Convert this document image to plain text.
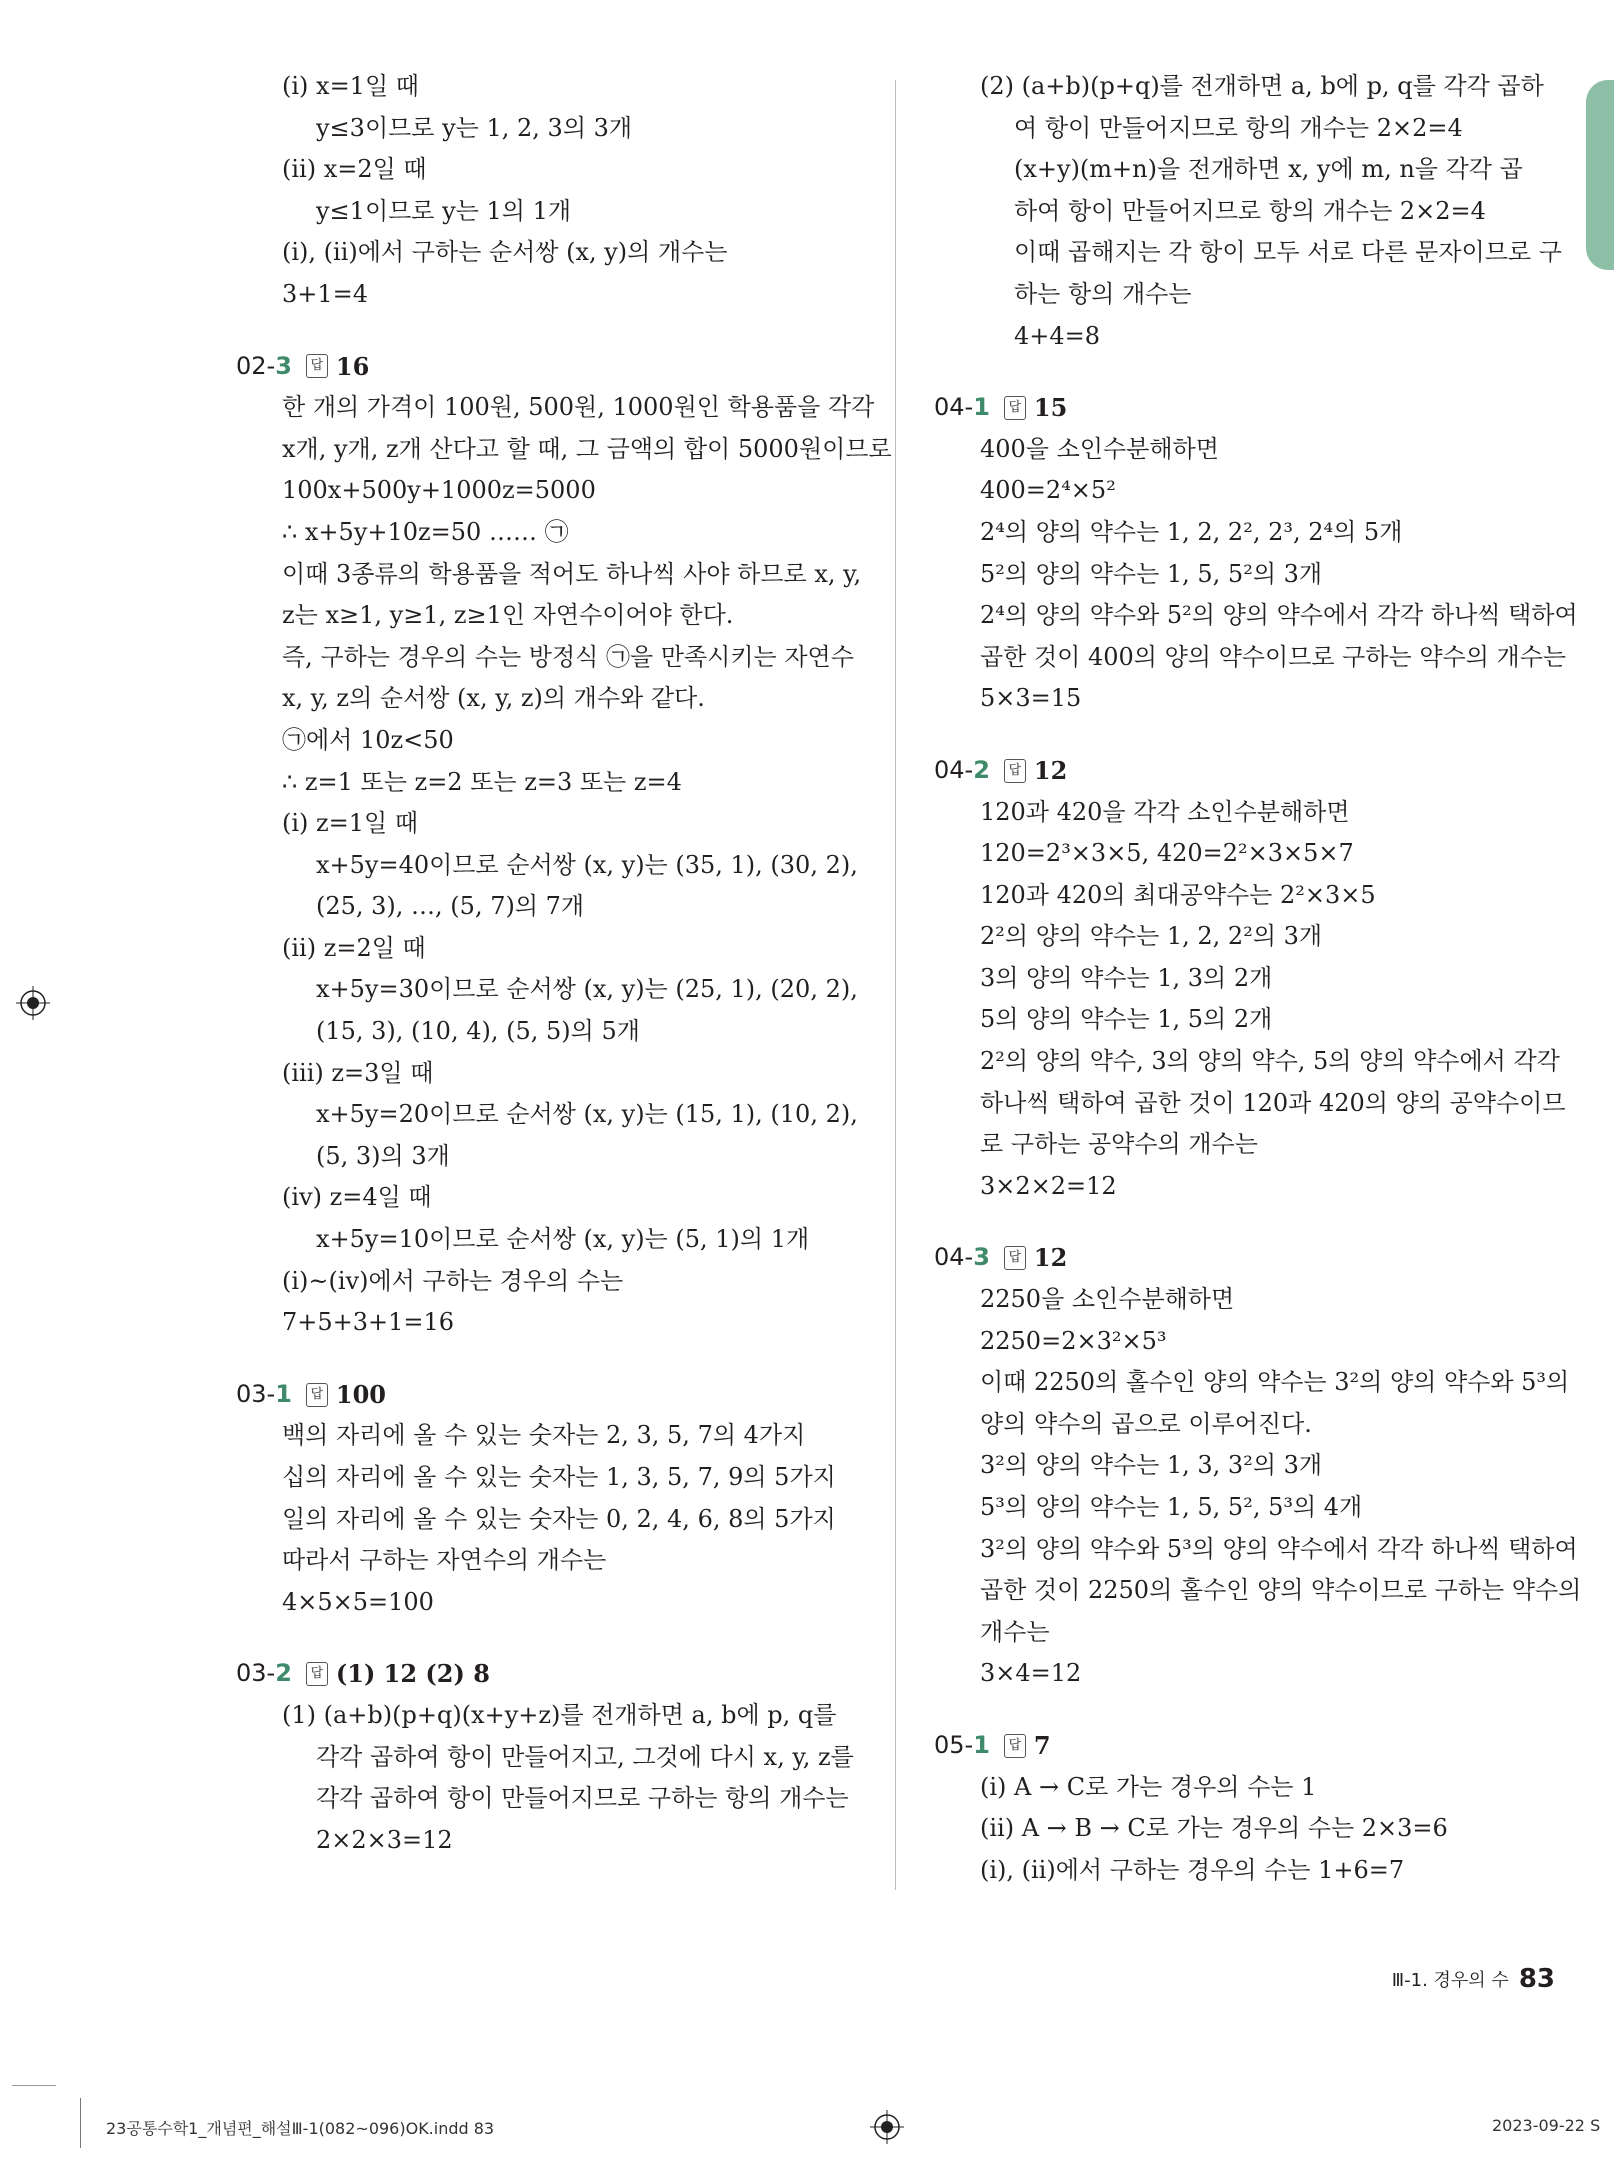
(ⅰ) x=1일 때
y≤3이므로 y는 1, 2, 3의 3개
(ⅱ) x=2일 때
y≤1이므로 y는 1의 1개
(ⅰ), (ⅱ)에서 구하는 순서쌍 (x, y)의 개수는
3+1=4
02-3	답 16
한 개의 가격이 100원, 500원, 1000원인 학용품을 각각
x개, y개, z개 산다고 할 때, 그 금액의 합이 5000원이므로
100x+500y+1000z=5000
∴ x+5y+10z=50 …… ㉠
이때 3종류의 학용품을 적어도 하나씩 사야 하므로 x, y,
z는 x≥1, y≥1, z≥1인 자연수이어야 한다.
즉, 구하는 경우의 수는 방정식 ㉠을 만족시키는 자연수
x, y, z의 순서쌍 (x, y, z)의 개수와 같다.
㉠에서 10z<50
∴ z=1 또는 z=2 또는 z=3 또는 z=4
(ⅰ) z=1일 때
x+5y=40이므로 순서쌍 (x, y)는 (35, 1), (30, 2),
(25, 3), …, (5, 7)의 7개
(ⅱ) z=2일 때
x+5y=30이므로 순서쌍 (x, y)는 (25, 1), (20, 2),
(15, 3), (10, 4), (5, 5)의 5개
(ⅲ) z=3일 때
x+5y=20이므로 순서쌍 (x, y)는 (15, 1), (10, 2),
(5, 3)의 3개
(ⅳ) z=4일 때
x+5y=10이므로 순서쌍 (x, y)는 (5, 1)의 1개
(ⅰ)~(ⅳ)에서 구하는 경우의 수는
7+5+3+1=16
03-1	답 100
백의 자리에 올 수 있는 숫자는 2, 3, 5, 7의 4가지
십의 자리에 올 수 있는 숫자는 1, 3, 5, 7, 9의 5가지
일의 자리에 올 수 있는 숫자는 0, 2, 4, 6, 8의 5가지
따라서 구하는 자연수의 개수는
4×5×5=100
03-2	답 (1) 12 (2) 8
(1) (a+b)(p+q)(x+y+z)를 전개하면 a, b에 p, q를
각각 곱하여 항이 만들어지고, 그것에 다시 x, y, z를
각각 곱하여 항이 만들어지므로 구하는 항의 개수는
2×2×3=12
(2) (a+b)(p+q)를 전개하면 a, b에 p, q를 각각 곱하
여 항이 만들어지므로 항의 개수는 2×2=4
(x+y)(m+n)을 전개하면 x, y에 m, n을 각각 곱
하여 항이 만들어지므로 항의 개수는 2×2=4
이때 곱해지는 각 항이 모두 서로 다른 문자이므로 구
하는 항의 개수는
4+4=8
04-1	답 15
400을 소인수분해하면
400=2⁴×5²
2⁴의 양의 약수는 1, 2, 2², 2³, 2⁴의 5개
5²의 양의 약수는 1, 5, 5²의 3개
2⁴의 양의 약수와 5²의 양의 약수에서 각각 하나씩 택하여
곱한 것이 400의 양의 약수이므로 구하는 약수의 개수는
5×3=15
04-2	답 12
120과 420을 각각 소인수분해하면
120=2³×3×5, 420=2²×3×5×7
120과 420의 최대공약수는 2²×3×5
2²의 양의 약수는 1, 2, 2²의 3개
3의 양의 약수는 1, 3의 2개
5의 양의 약수는 1, 5의 2개
2²의 양의 약수, 3의 양의 약수, 5의 양의 약수에서 각각
하나씩 택하여 곱한 것이 120과 420의 양의 공약수이므
로 구하는 공약수의 개수는
3×2×2=12
04-3	답 12
2250을 소인수분해하면
2250=2×3²×5³
이때 2250의 홀수인 양의 약수는 3²의 양의 약수와 5³의
양의 약수의 곱으로 이루어진다.
3²의 양의 약수는 1, 3, 3²의 3개
5³의 양의 약수는 1, 5, 5², 5³의 4개
3²의 양의 약수와 5³의 양의 약수에서 각각 하나씩 택하여
곱한 것이 2250의 홀수인 양의 약수이므로 구하는 약수의
개수는
3×4=12
05-1	답 7
(ⅰ) A → C로 가는 경우의 수는 1
(ⅱ) A → B → C로 가는 경우의 수는 2×3=6
(ⅰ), (ⅱ)에서 구하는 경우의 수는 1+6=7
Ⅲ-1. 경우의 수 83
23공통수학1_개념편_해설Ⅲ-1(082~096)OK.indd 83	2023-09-22 S
